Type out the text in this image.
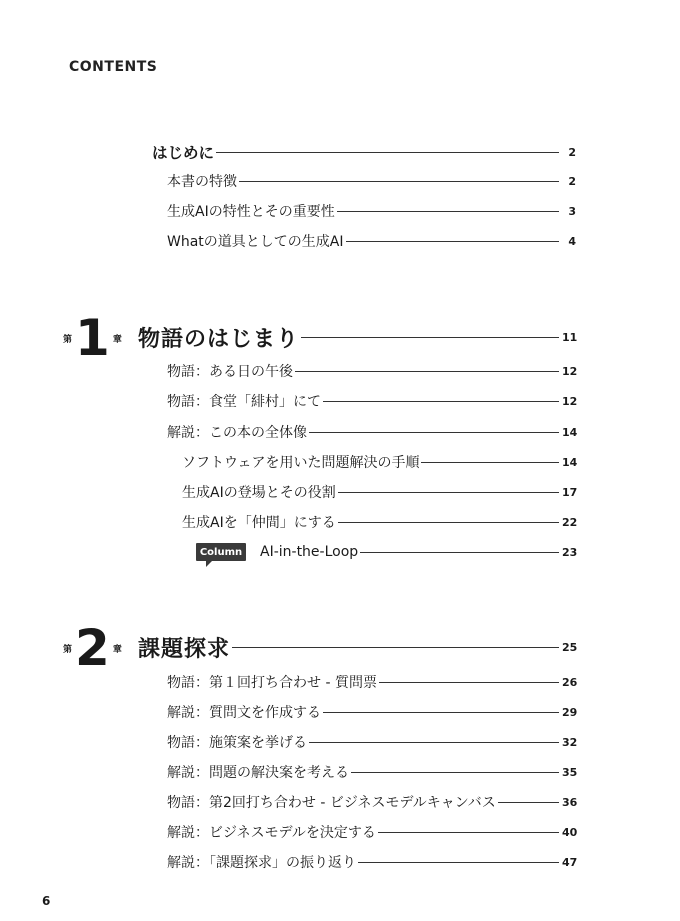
CONTENTS
はじめに	2
本書の特徴	2
生成AIの特性とその重要性	3
Whatの道具としての生成AI	4
第 1 章 物語のはじまり	11
物語：ある日の午後	12
物語：食堂「緋村」にて	12
解説：この本の全体像	14
ソフトウェアを用いた問題解決の手順	14
生成AIの登場とその役割	17
生成AIを「仲間」にする	22
Column AI-in-the-Loop	23
第 2 章 課題探求	25
物語：第１回打ち合わせ - 質問票	26
解説：質問文を作成する	29
物語：施策案を挙げる	32
解説：問題の解決案を考える	35
物語：第2回打ち合わせ - ビジネスモデルキャンバス	36
解説：ビジネスモデルを決定する	40
解説：「課題探求」の振り返り	47
6
